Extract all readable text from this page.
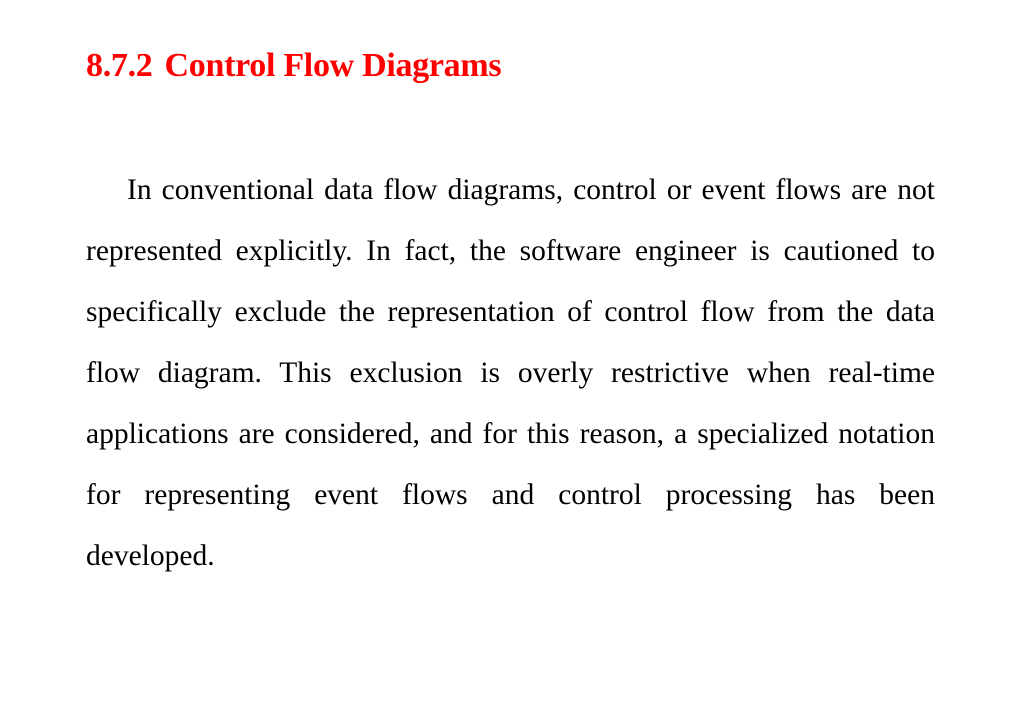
8.7.2 Control Flow Diagrams

In conventional data flow diagrams, control or event flows are not represented explicitly. In fact, the software engineer is cautioned to specifically exclude the representation of control flow from the data flow diagram. This exclusion is overly restrictive when real-time applications are considered, and for this reason, a specialized notation for representing event flows and control processing has been developed.
